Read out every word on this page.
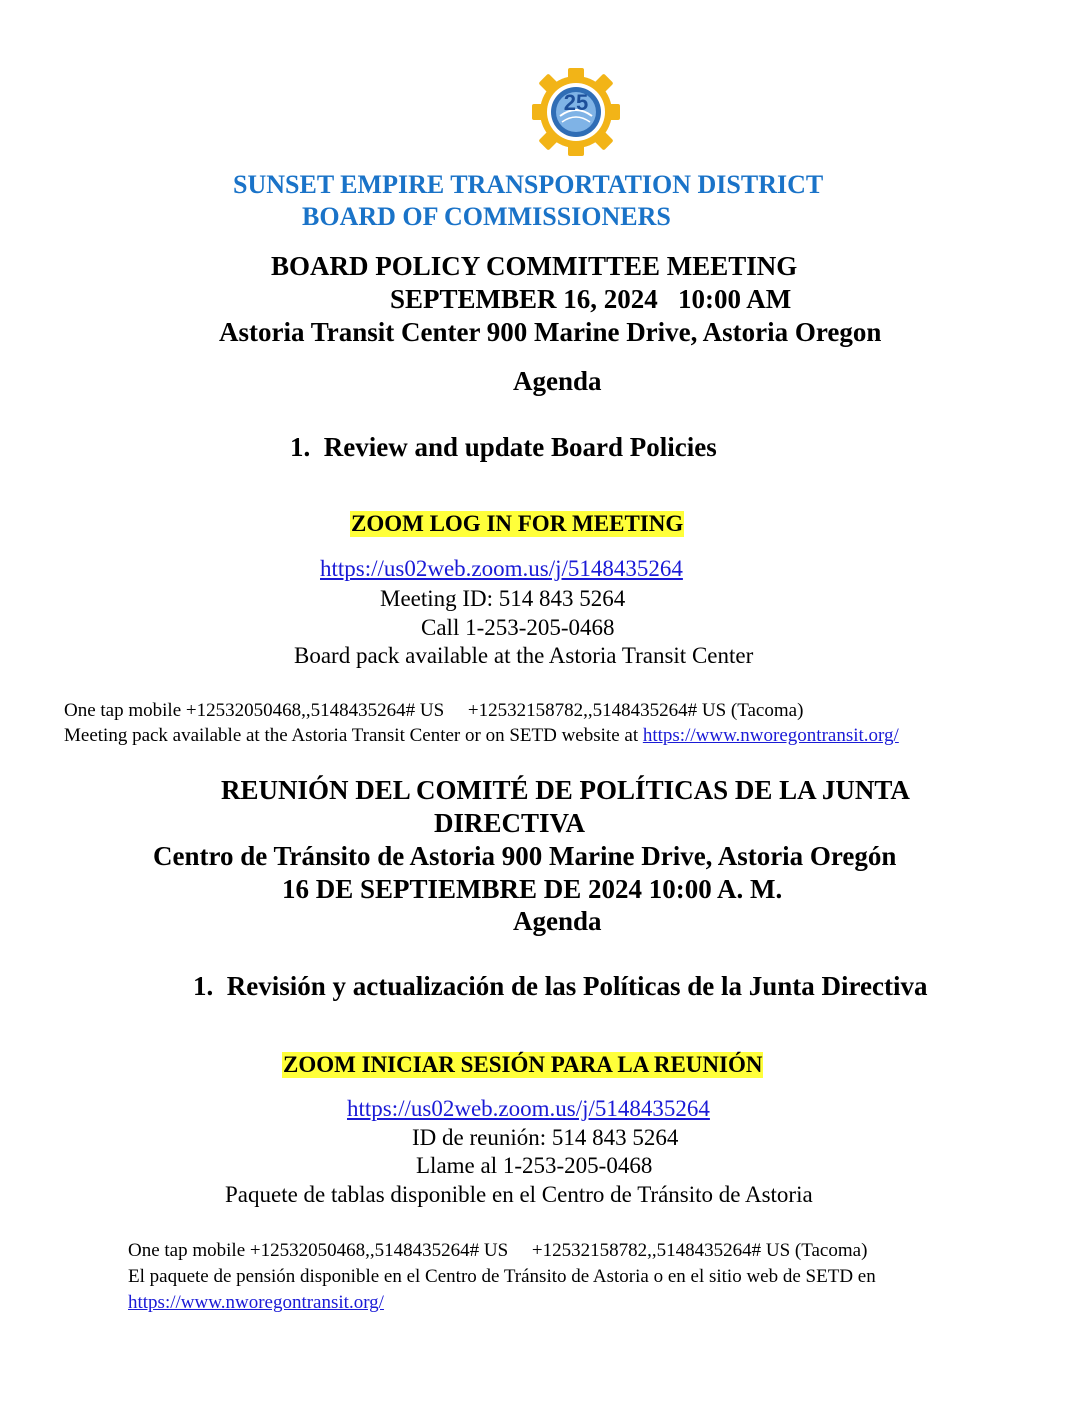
25
SUNSET EMPIRE TRANSPORTATION DISTRICT
BOARD OF COMMISSIONERS
BOARD POLICY COMMITTEE MEETING
SEPTEMBER 16, 2024   10:00 AM
Astoria Transit Center 900 Marine Drive, Astoria Oregon
Agenda
1.  Review and update Board Policies
ZOOM LOG IN FOR MEETING
https://us02web.zoom.us/j/5148435264
Meeting ID: 514 843 5264
Call 1-253-205-0468
Board pack available at the Astoria Transit Center
One tap mobile +12532050468,,5148435264# US     +12532158782,,5148435264# US (Tacoma)
Meeting pack available at the Astoria Transit Center or on SETD website at https://www.nworegontransit.org/
REUNIÓN DEL COMITÉ DE POLÍTICAS DE LA JUNTA
DIRECTIVA
Centro de Tránsito de Astoria 900 Marine Drive, Astoria Oregón
16 DE SEPTIEMBRE DE 2024 10:00 A. M.
Agenda
1.  Revisión y actualización de las Políticas de la Junta Directiva
ZOOM INICIAR SESIÓN PARA LA REUNIÓN
https://us02web.zoom.us/j/5148435264
ID de reunión: 514 843 5264
Llame al 1-253-205-0468
Paquete de tablas disponible en el Centro de Tránsito de Astoria
One tap mobile +12532050468,,5148435264# US     +12532158782,,5148435264# US (Tacoma)
El paquete de pensión disponible en el Centro de Tránsito de Astoria o en el sitio web de SETD en
https://www.nworegontransit.org/
